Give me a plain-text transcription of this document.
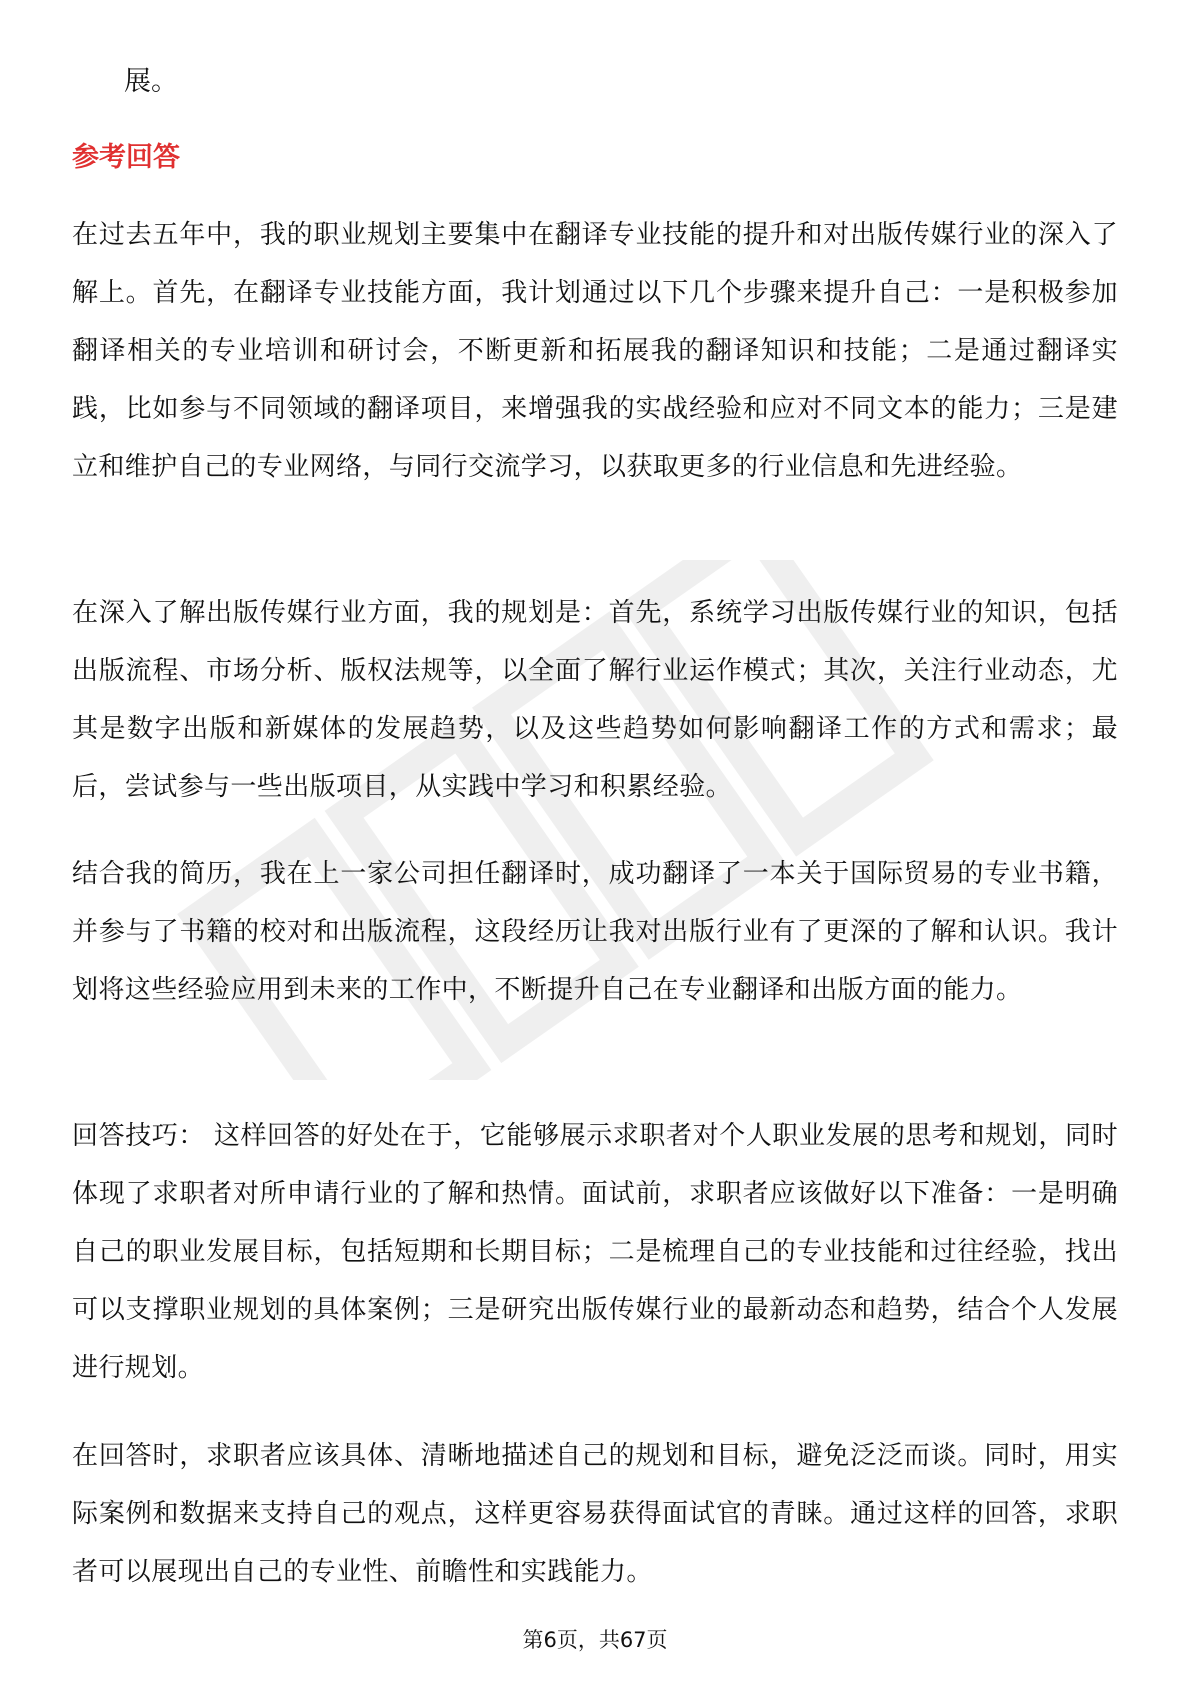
展。

参考回答

在过去五年中，我的职业规划主要集中在翻译专业技能的提升和对出版传媒行业的深入了解上。首先，在翻译专业技能方面，我计划通过以下几个步骤来提升自己：一是积极参加翻译相关的专业培训和研讨会，不断更新和拓展我的翻译知识和技能；二是通过翻译实践，比如参与不同领域的翻译项目，来增强我的实战经验和应对不同文本的能力；三是建立和维护自己的专业网络，与同行交流学习，以获取更多的行业信息和先进经验。

在深入了解出版传媒行业方面，我的规划是：首先，系统学习出版传媒行业的知识，包括出版流程、市场分析、版权法规等，以全面了解行业运作模式；其次，关注行业动态，尤其是数字出版和新媒体的发展趋势，以及这些趋势如何影响翻译工作的方式和需求；最后，尝试参与一些出版项目，从实践中学习和积累经验。

结合我的简历，我在上一家公司担任翻译时，成功翻译了一本关于国际贸易的专业书籍，并参与了书籍的校对和出版流程，这段经历让我对出版行业有了更深的了解和认识。我计划将这些经验应用到未来的工作中，不断提升自己在专业翻译和出版方面的能力。

回答技巧： 这样回答的好处在于，它能够展示求职者对个人职业发展的思考和规划，同时体现了求职者对所申请行业的了解和热情。面试前，求职者应该做好以下准备：一是明确自己的职业发展目标，包括短期和长期目标；二是梳理自己的专业技能和过往经验，找出可以支撑职业规划的具体案例；三是研究出版传媒行业的最新动态和趋势，结合个人发展进行规划。

在回答时，求职者应该具体、清晰地描述自己的规划和目标，避免泛泛而谈。同时，用实际案例和数据来支持自己的观点，这样更容易获得面试官的青睐。通过这样的回答，求职者可以展现出自己的专业性、前瞻性和实践能力。

第6页，共67页
